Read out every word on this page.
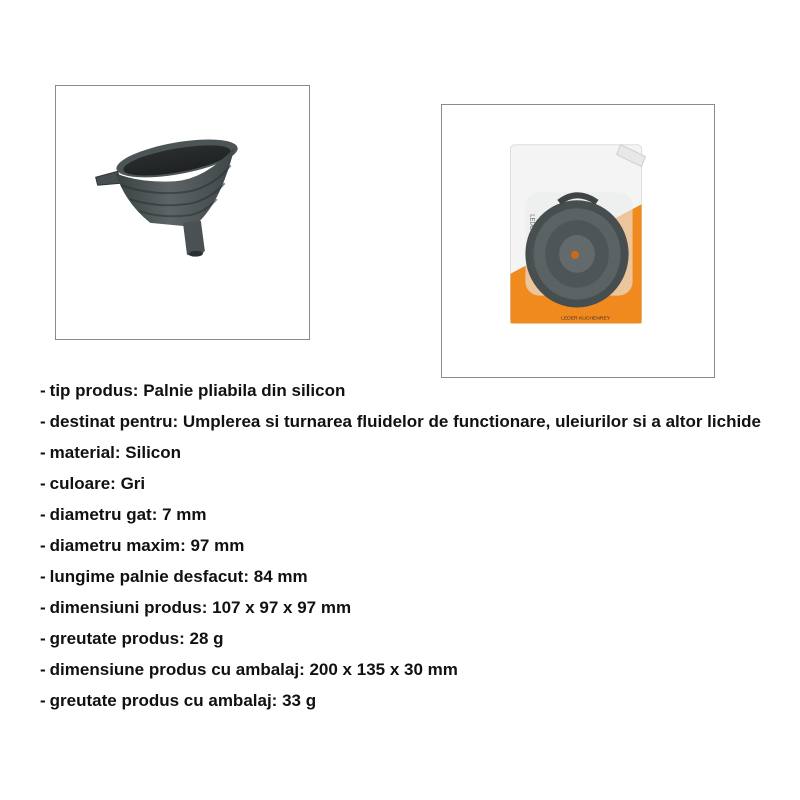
LEDER KUCHENREY
LEDER KUCHENREY
- tip produs: Palnie pliabila din silicon
- destinat pentru: Umplerea si turnarea fluidelor de functionare, uleiurilor si a altor lichide
- material: Silicon
- culoare: Gri
- diametru gat: 7 mm
- diametru maxim: 97 mm
- lungime palnie desfacut: 84 mm
- dimensiuni produs: 107 x 97 x 97 mm
- greutate produs: 28 g
- dimensiune produs cu ambalaj: 200 x 135 x 30 mm
- greutate produs cu ambalaj: 33 g
